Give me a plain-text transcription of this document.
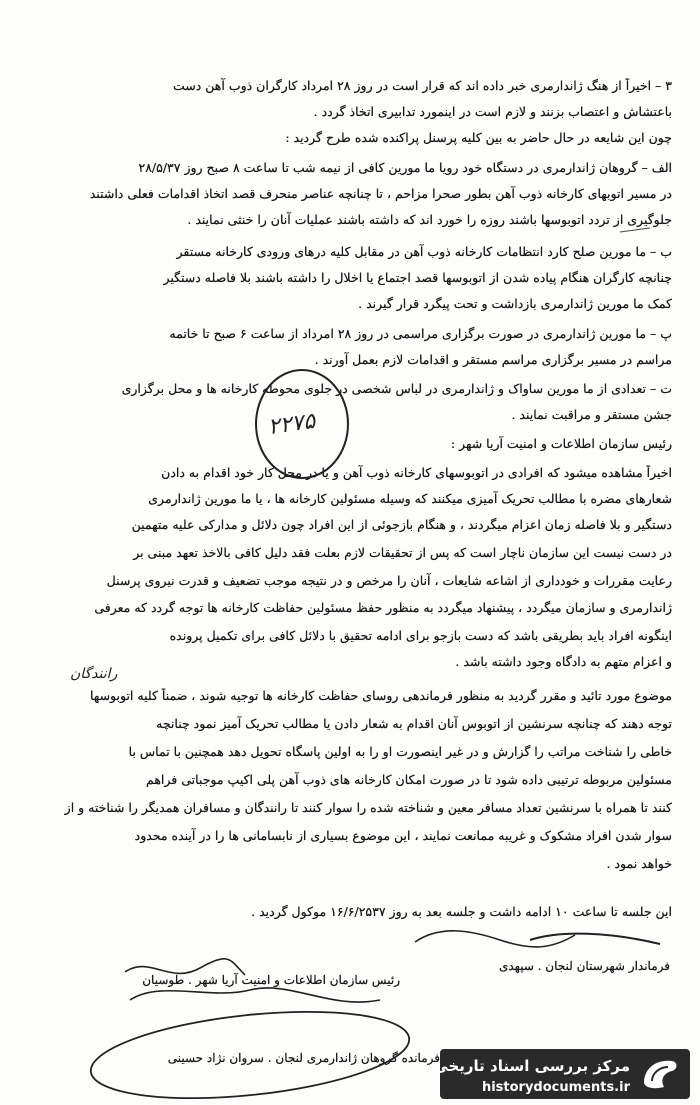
۳ – اخیراً از هنگ ژاندارمری خبر داده اند که قرار است در روز ۲۸ امرداد کارگران ذوب آهن دست
باعتشاش و اعتصاب بزنند و لازم است در اینمورد تدابیری اتخاذ گردد .
چون این شایعه در حال حاضر به بین کلیه پرسنل پراکنده شده طرح گردید :
الف – گروهان ژاندارمری در دستگاه خود رویا ما مورین کافی از نیمه شب تا ساعت ۸ صبح روز ۲۸/۵/۳۷
در مسیر اتوبهای کارخانه ذوب آهن بطور صحرا مزاحم ، تا چنانچه عناصر منحرف قصد اتخاذ اقدامات فعلی داشتند
جلوگیری از تردد اتوبوسها باشند روزه را خورد اند که داشته باشند عملیات آنان را خنثی نمایند .
ب – ما مورین صلح کارد انتظامات کارخانه ذوب آهن در مقابل کلیه درهای ورودی کارخانه مستقر
چنانچه کارگران هنگام پیاده شدن از اتوبوسها قصد اجتماع یا اخلال را داشته باشند بلا فاصله دستگیر
کمک ما مورین ژاندارمری بازداشت و تحت پیگرد قرار گیرند .
پ – ما مورین ژاندارمری در صورت برگزاری مراسمی در روز ۲۸ امرداد از ساعت ۶ صبح تا خاتمه
مراسم در مسیر برگزاری مراسم مستقر و اقدامات لازم بعمل آورند .
ت – تعدادی از ما مورین ساواک و ژاندارمری در لباس شخصی در جلوی محوطه کارخانه ها و محل برگزاری
جشن مستقر و مراقبت نمایند .
رئیس سازمان اطلاعات و امنیت آریا شهر :
اخیراً مشاهده میشود که افرادی در اتوبوسهای کارخانه ذوب آهن و یا در محل کار خود اقدام به دادن
شعارهای مضره با مطالب تحریک آمیزی میکنند که وسیله مسئولین کارخانه ها ، یا ما مورین ژاندارمری
دستگیر و بلا فاصله زمان اعزام میگردند ، و هنگام بازجوئی از این افراد چون دلائل و مدارکی علیه متهمین
در دست نیست این سازمان ناچار است که پس از تحقیقات لازم بعلت فقد دلیل کافی بالاخذ تعهد مبنی بر
رعایت مقررات و خودداری از اشاعه شایعات ، آنان را مرخص و در نتیجه موجب تضعیف و قدرت نیروی پرسنل
ژاندارمری و سازمان میگردد ، پیشنهاد میگردد به منظور حفظ مسئولین حفاظت کارخانه ها توجه گردد که معرفی
اینگونه افراد باید بطریقی باشد که دست بازجو برای ادامه تحقیق با دلائل کافی برای تکمیل پرونده
و اعزام متهم به دادگاه وجود داشته باشد .
موضوع مورد تائید و مقرر گردید به منظور فرماندهی روسای حفاظت کارخانه ها توجیه شوند ، ضمناً کلیه اتوبوسها
توجه دهند که چنانچه سرنشین از اتوبوس آنان اقدام به شعار دادن یا مطالب تحریک آمیز نمود چنانچه
خاطی را شناخت مراتب را گزارش و در غیر اینصورت او را به اولین پاسگاه تحویل دهد همچنین با تماس با
مسئولین مربوطه ترتیبی داده شود تا در صورت امکان کارخانه های ذوب آهن پلی اکیپ موجباتی فراهم
کنند تا همراه با سرنشین تعداد مسافر معین و شناخته شده را سوار کنند تا رانندگان و مسافران همدیگر را شناخته و از
سوار شدن افراد مشکوک و غریبه ممانعت نمایند ، این موضوع بسیاری از نابسامانی ها را در آینده محدود
خواهد نمود .
این جلسه تا ساعت ۱۰ ادامه داشت و جلسه بعد به روز ۱۶/۶/۲۵۳۷ موکول گردید .
رانندگان
۲۲۷۵
فرماندار شهرستان لنجان . سپهدی
رئیس سازمان اطلاعات و امنیت آریا شهر . طوسیان
فرمانده گروهان ژاندارمری لنجان . سروان نژاد حسینی
مرکز بررسی اسناد تاریخی
historydocuments.ir
